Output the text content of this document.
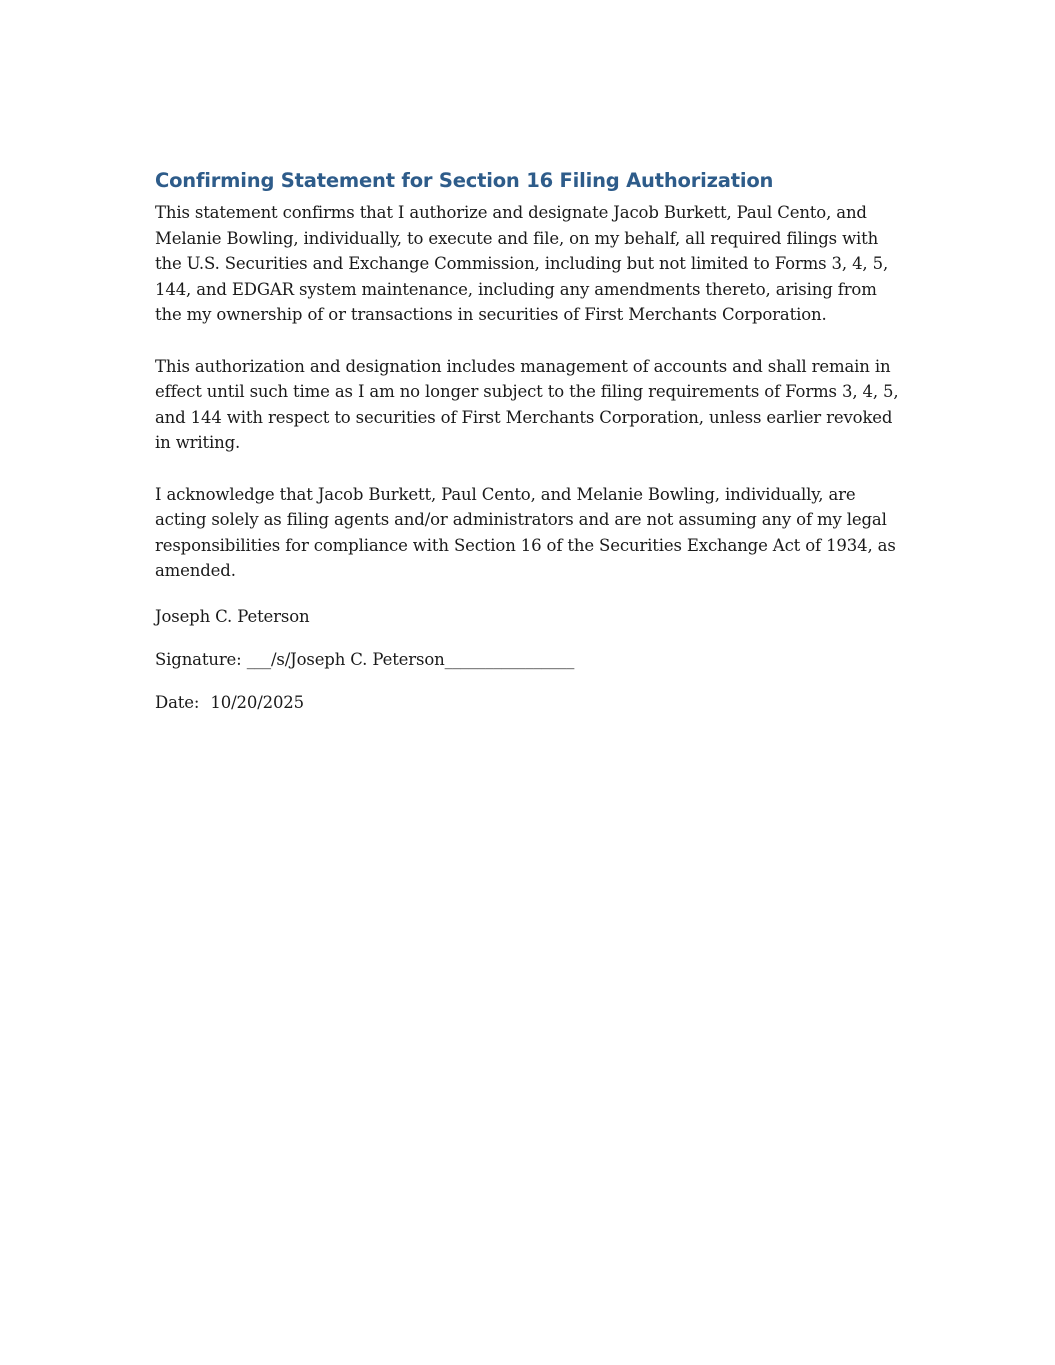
Confirming Statement for Section 16 Filing Authorization

This statement confirms that I authorize and designate Jacob Burkett, Paul Cento, and Melanie Bowling, individually, to execute and file, on my behalf, all required filings with the U.S. Securities and Exchange Commission, including but not limited to Forms 3, 4, 5, 144, and EDGAR system maintenance, including any amendments thereto, arising from the my ownership of or transactions in securities of First Merchants Corporation.

This authorization and designation includes management of accounts and shall remain in effect until such time as I am no longer subject to the filing requirements of Forms 3, 4, 5, and 144 with respect to securities of First Merchants Corporation, unless earlier revoked in writing.

I acknowledge that Jacob Burkett, Paul Cento, and Melanie Bowling, individually, are acting solely as filing agents and/or administrators and are not assuming any of my legal responsibilities for compliance with Section 16 of the Securities Exchange Act of 1934, as amended.

Joseph C. Peterson
Signature: ___/s/Joseph C. Peterson________________
Date: 10/20/2025
